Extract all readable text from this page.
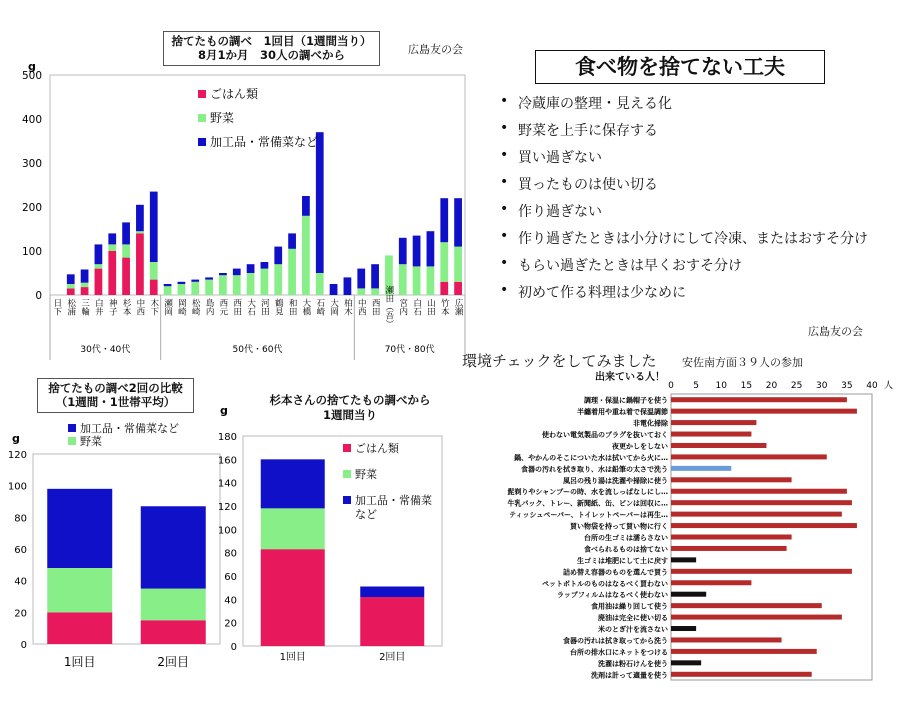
捨てたもの調べ　1回目（1週間当り）
8月1か月　30人の調べから	広島友の会
g
0
100
200
300
400
500
日下 松浦 三輪 白井 神子 杉本 中西 木下 瀬岡 岡崎 松崎 島内 西元 西田 大石 河田 鶴見 和田 大橋 石崎 大岡 柏木 中西 西田 瀬田（吾） 宮内 白石 山田 竹本 広瀬
30代・40代	50代・60代	70代・80代
ごはん類
野菜
加工品・常備菜など
食べ物を捨てない工夫
• 冷蔵庫の整理・見える化
• 野菜を上手に保存する
• 買い過ぎない
• 買ったものは使い切る
• 作り過ぎない
• 作り過ぎたときは小分けにして冷凍、またはおすそ分け
• もらい過ぎたときは早くおすそ分け
• 初めて作る料理は少なめに
広島友の会
捨てたもの調べ2回の比較
（1週間・1世帯平均）
g
0
20
40
60
80
100
120
1回目	2回目
加工品・常備菜など
野菜
杉本さんの捨てたもの調べから
1週間当り
g
0
20
40
60
80
100
120
140
160
180
1回目	2回目
ごはん類
野菜
加工品・常備菜
など
環境チェックをしてみました 安佐南方面３９人の参加
出来ている人！
0 5 10 15 20 25 30 35 40 人
調理・保温に鍋帽子を使う
半纏着用や重ね着で保温調節
非電化掃除
使わない電気製品のプラグを抜いておく
夜更かしをしない
鍋、やかんのそこについた水は拭いてから火に…
食器の汚れを拭き取り、水は鉛筆の太さで洗う
風呂の残り湯は洗濯や掃除に使う
髭剃りやシャンプーの時、水を流しっぱなしにし…
牛乳パック、トレー、新聞紙、缶、ビンは回収に…
ティッシュペーパー、トイレットペーパーは再生…
買い物袋を持って買い物に行く
台所の生ゴミは濡らさない
食べられるものは捨てない
生ゴミは堆肥にして土に戻す
詰め替え容器のものを選んで買う
ペットボトルのものはなるべく買わない
ラップフィルムはなるべく使わない
食用油は繰り回して使う
廃油は完全に使い切る
米のとぎ汁を流さない
食器の汚れは拭き取ってから洗う
台所の排水口にネットをつける
洗濯は粉石けんを使う
洗剤は計って適量を使う
